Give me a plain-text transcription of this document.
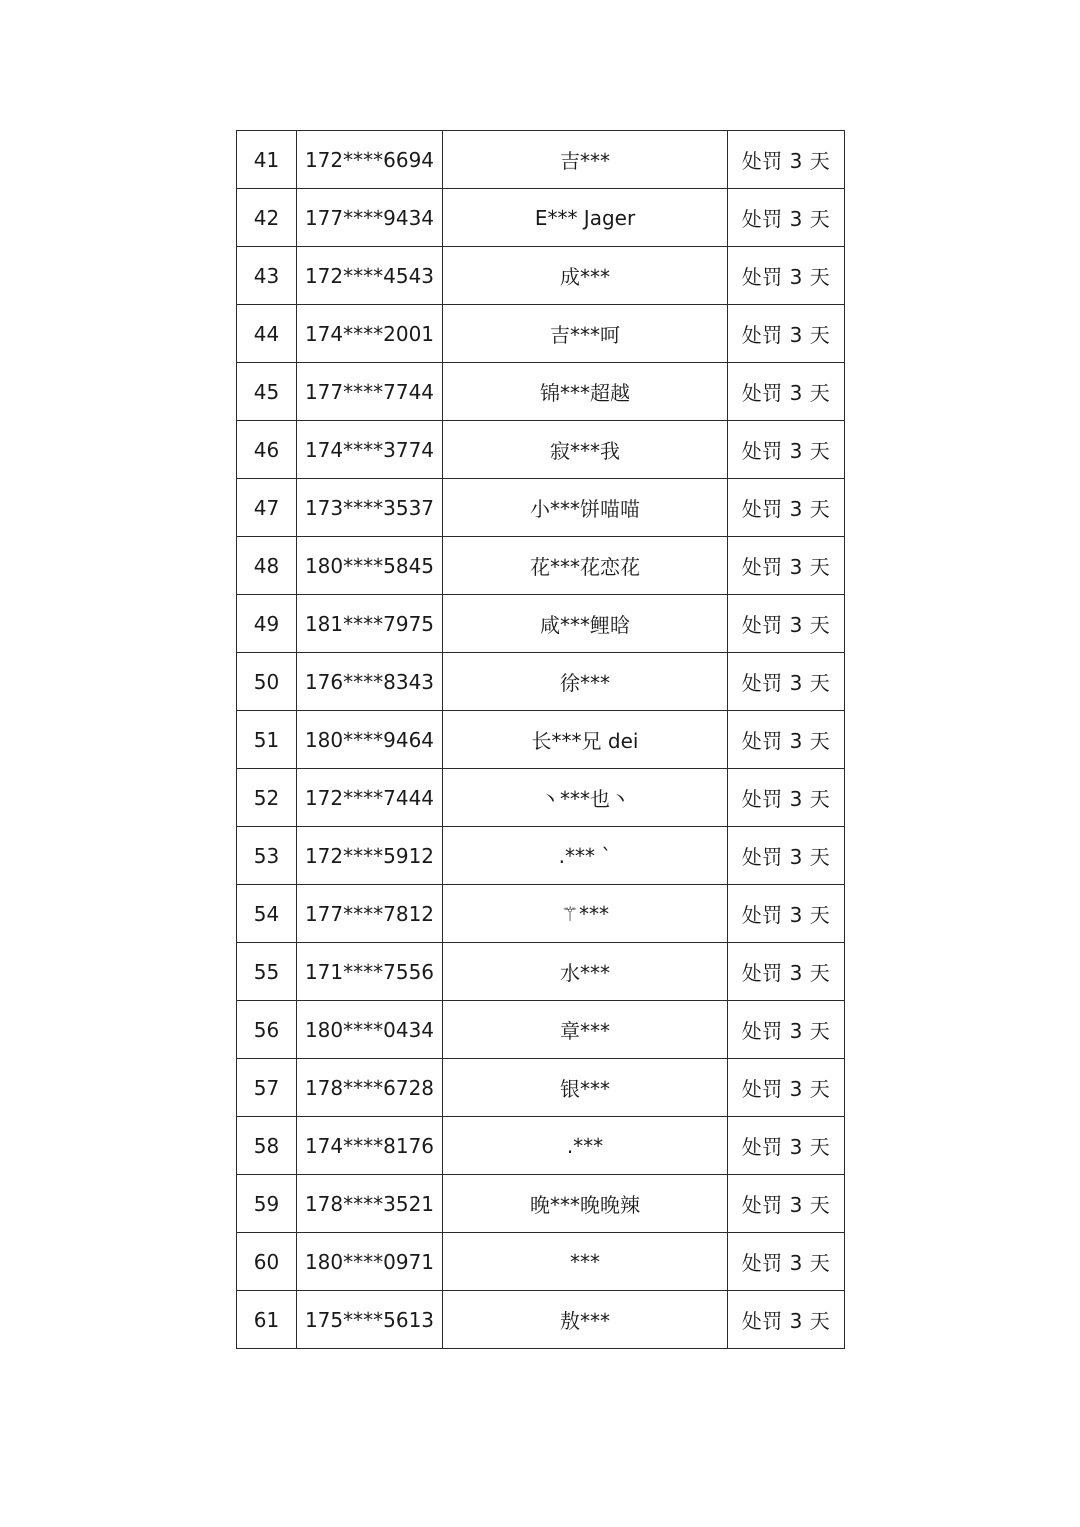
41	172****6694	吉***	处罚 3 天
42	177****9434	E*** Jager	处罚 3 天
43	172****4543	成***	处罚 3 天
44	174****2001	吉***呵	处罚 3 天
45	177****7744	锦***超越	处罚 3 天
46	174****3774	寂***我	处罚 3 天
47	173****3537	小***饼喵喵	处罚 3 天
48	180****5845	花***花恋花	处罚 3 天
49	181****7975	咸***鲤晗	处罚 3 天
50	176****8343	徐***	处罚 3 天
51	180****9464	长***兄 dei	处罚 3 天
52	172****7444	丶***也丶	处罚 3 天
53	172****5912	.*** `	处罚 3 天
54	177****7812	⚚***	处罚 3 天
55	171****7556	水***	处罚 3 天
56	180****0434	章***	处罚 3 天
57	178****6728	银***	处罚 3 天
58	174****8176	.***	处罚 3 天
59	178****3521	晚***晚晚辣	处罚 3 天
60	180****0971	***	处罚 3 天
61	175****5613	敖***	处罚 3 天
